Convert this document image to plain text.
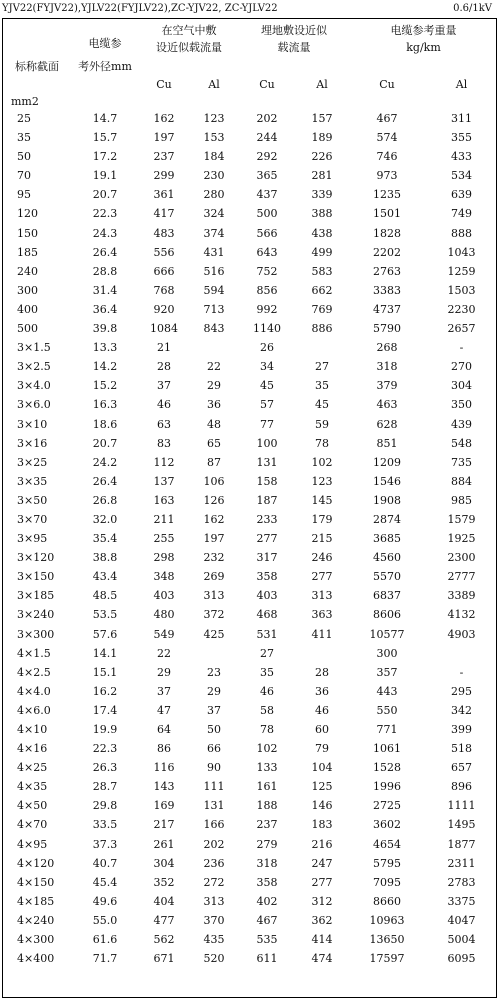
YJV22(FYJV22),YJLV22(FYJLV22),ZC-YJV22, ZC-YJLV22	0.6/1kV
		在空气中敷		埋地敷设近似		电缆参考重量	
	电缆参	设近似载流量		载流量		kg/km	
标称截面	考外径mm						
		Cu	Al	Cu	Al	Cu	Al
mm2							
25	14.7	162	123	202	157	467	311
35	15.7	197	153	244	189	574	355
50	17.2	237	184	292	226	746	433
70	19.1	299	230	365	281	973	534
95	20.7	361	280	437	339	1235	639
120	22.3	417	324	500	388	1501	749
150	24.3	483	374	566	438	1828	888
185	26.4	556	431	643	499	2202	1043
240	28.8	666	516	752	583	2763	1259
300	31.4	768	594	856	662	3383	1503
400	36.4	920	713	992	769	4737	2230
500	39.8	1084	843	1140	886	5790	2657
3×1.5	13.3	21		26		268	-
3×2.5	14.2	28	22	34	27	318	270
3×4.0	15.2	37	29	45	35	379	304
3×6.0	16.3	46	36	57	45	463	350
3×10	18.6	63	48	77	59	628	439
3×16	20.7	83	65	100	78	851	548
3×25	24.2	112	87	131	102	1209	735
3×35	26.4	137	106	158	123	1546	884
3×50	26.8	163	126	187	145	1908	985
3×70	32.0	211	162	233	179	2874	1579
3×95	35.4	255	197	277	215	3685	1925
3×120	38.8	298	232	317	246	4560	2300
3×150	43.4	348	269	358	277	5570	2777
3×185	48.5	403	313	403	313	6837	3389
3×240	53.5	480	372	468	363	8606	4132
3×300	57.6	549	425	531	411	10577	4903
4×1.5	14.1	22		27		300	
4×2.5	15.1	29	23	35	28	357	-
4×4.0	16.2	37	29	46	36	443	295
4×6.0	17.4	47	37	58	46	550	342
4×10	19.9	64	50	78	60	771	399
4×16	22.3	86	66	102	79	1061	518
4×25	26.3	116	90	133	104	1528	657
4×35	28.7	143	111	161	125	1996	896
4×50	29.8	169	131	188	146	2725	1111
4×70	33.5	217	166	237	183	3602	1495
4×95	37.3	261	202	279	216	4654	1877
4×120	40.7	304	236	318	247	5795	2311
4×150	45.4	352	272	358	277	7095	2783
4×185	49.6	404	313	402	312	8660	3375
4×240	55.0	477	370	467	362	10963	4047
4×300	61.6	562	435	535	414	13650	5004
4×400	71.7	671	520	611	474	17597	6095
